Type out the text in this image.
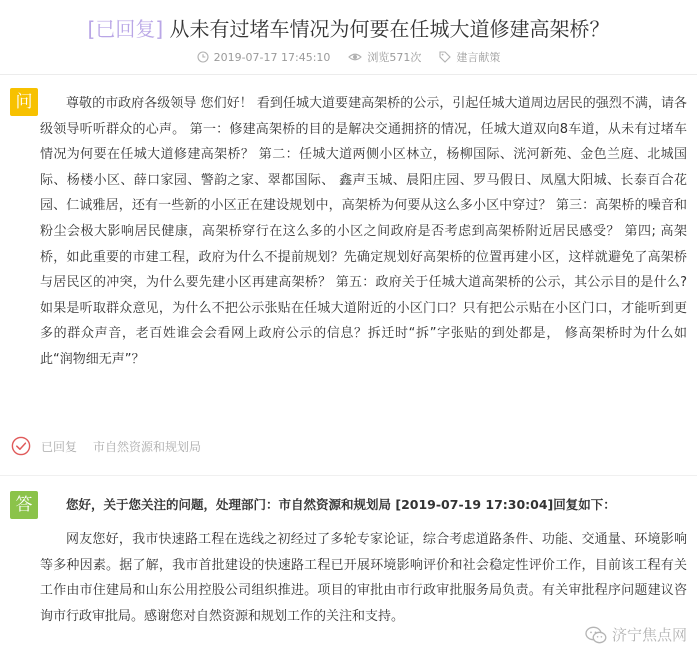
[已回复] 从未有过堵车情况为何要在任城大道修建高架桥？
2019-07-17 17:45:10	浏览571次	建言献策
问	尊敬的市政府各级领导 您们好！ 看到任城大道要建高架桥的公示，引起任城大道周边居民的强烈不满，请各级领导听听群众的心声。 第一：修建高架桥的目的是解决交通拥挤的情况，任城大道双向8车道，从未有过堵车情况为何要在任城大道修建高架桥？ 第二：任城大道两侧小区林立，杨柳国际、洸河新苑、金色兰庭、北城国际、杨楼小区、薛口家园、警韵之家、翠都国际、 鑫声玉城、晨阳庄园、罗马假日、凤凰大阳城、长泰百合花园、仁诚雅居，还有一些新的小区正在建设规划中，高架桥为何要从这么多小区中穿过？ 第三：高架桥的噪音和粉尘会极大影响居民健康，高架桥穿行在这么多的小区之间政府是否考虑到高架桥附近居民感受？ 第四; 高架桥，如此重要的市建工程，政府为什么不提前规划？先确定规划好高架桥的位置再建小区，这样就避免了高架桥与居民区的冲突，为什么要先建小区再建高架桥？ 第五：政府关于任城大道高架桥的公示，其公示目的是什么?如果是听取群众意见，为什么不把公示张贴在任城大道附近的小区门口？只有把公示贴在小区门口，才能听到更多的群众声音，老百姓谁会会看网上政府公示的信息？拆迁时“拆”字张贴的到处都是， 修高架桥时为什么如此“润物细无声”？

已回复 市自然资源和规划局
答	您好，关于您关注的问题，处理部门：市自然资源和规划局 [2019-07-19 17:30:04]回复如下：

网友您好，我市快速路工程在选线之初经过了多轮专家论证，综合考虑道路条件、功能、交通量、环境影响等多种因素。据了解，我市首批建设的快速路工程已开展环境影响评价和社会稳定性评价工作，目前该工程有关工作由市住建局和山东公用控股公司组织推进。项目的审批由市行政审批服务局负责。有关审批程序问题建议咨询市行政审批局。感谢您对自然资源和规划工作的关注和支持。

济宁焦点网
